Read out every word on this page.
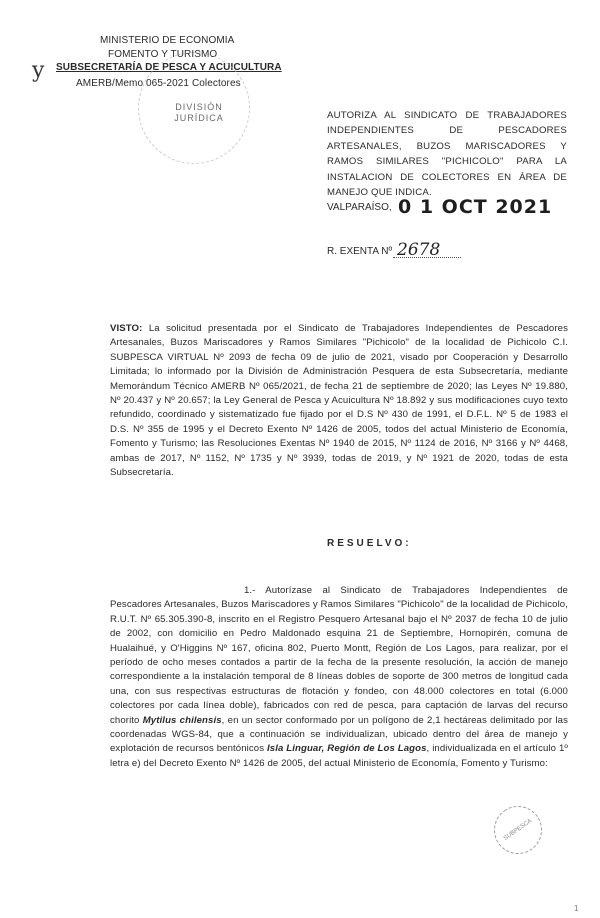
MINISTERIO DE ECONOMIA
FOMENTO Y TURISMO
SUBSECRETARÍA DE PESCA Y ACUICULTURA
AMERB/Memo 065-2021 Colectores
y
DIVISIÓN JURÍDICA	AUTORIZA AL SINDICATO DE TRABAJADORES INDEPENDIENTES DE PESCADORES ARTESANALES, BUZOS MARISCADORES Y RAMOS SIMILARES "PICHICOLO" PARA LA INSTALACION DE COLECTORES EN ÁREA DE MANEJO QUE INDICA.
VALPARAÍSO, 0 1 OCT 2021
R. EXENTA Nº 2678
VISTO: La solicitud presentada por el Sindicato de Trabajadores Independientes de Pescadores Artesanales, Buzos Mariscadores y Ramos Similares "Pichicolo" de la localidad de Pichicolo C.I. SUBPESCA VIRTUAL Nº 2093 de fecha 09 de julio de 2021, visado por Cooperación y Desarrollo Limitada; lo informado por la División de Administración Pesquera de esta Subsecretaría, mediante Memorándum Técnico AMERB Nº 065/2021, de fecha 21 de septiembre de 2020; las Leyes Nº 19.880, Nº 20.437 y Nº 20.657; la Ley General de Pesca y Acuicultura Nº 18.892 y sus modificaciones cuyo texto refundido, coordinado y sistematizado fue fijado por el D.S Nº 430 de 1991, el D.F.L. Nº 5 de 1983 el D.S. Nº 355 de 1995 y el Decreto Exento Nº 1426 de 2005, todos del actual Ministerio de Economía, Fomento y Turismo; las Resoluciones Exentas Nº 1940 de 2015, Nº 1124 de 2016, Nº 3166 y Nº 4468, ambas de 2017, Nº 1152, Nº 1735 y Nº 3939, todas de 2019, y Nº 1921 de 2020, todas de esta Subsecretaría.
RESUELVO:
1.- Autorízase al Sindicato de Trabajadores Independientes de Pescadores Artesanales, Buzos Mariscadores y Ramos Similares "Pichicolo" de la localidad de Pichicolo, R.U.T. Nº 65.305.390-8, inscrito en el Registro Pesquero Artesanal bajo el Nº 2037 de fecha 10 de julio de 2002, con domicilio en Pedro Maldonado esquina 21 de Septiembre, Hornopirén, comuna de Hualaihué, y O'Higgins Nº 167, oficina 802, Puerto Montt, Región de Los Lagos, para realizar, por el período de ocho meses contados a partir de la fecha de la presente resolución, la acción de manejo correspondiente a la instalación temporal de 8 líneas dobles de soporte de 300 metros de longitud cada una, con sus respectivas estructuras de flotación y fondeo, con 48.000 colectores en total (6.000 colectores por cada línea doble), fabricados con red de pesca, para captación de larvas del recurso chorito Mytilus chilensis, en un sector conformado por un polígono de 2,1 hectáreas delimitado por las coordenadas WGS-84, que a continuación se individualizan, ubicado dentro del área de manejo y explotación de recursos bentónicos Isla Linguar, Región de Los Lagos, individualizada en el artículo 1º letra e) del Decreto Exento Nº 1426 de 2005, del actual Ministerio de Economía, Fomento y Turismo:
SUBPESCA
1
